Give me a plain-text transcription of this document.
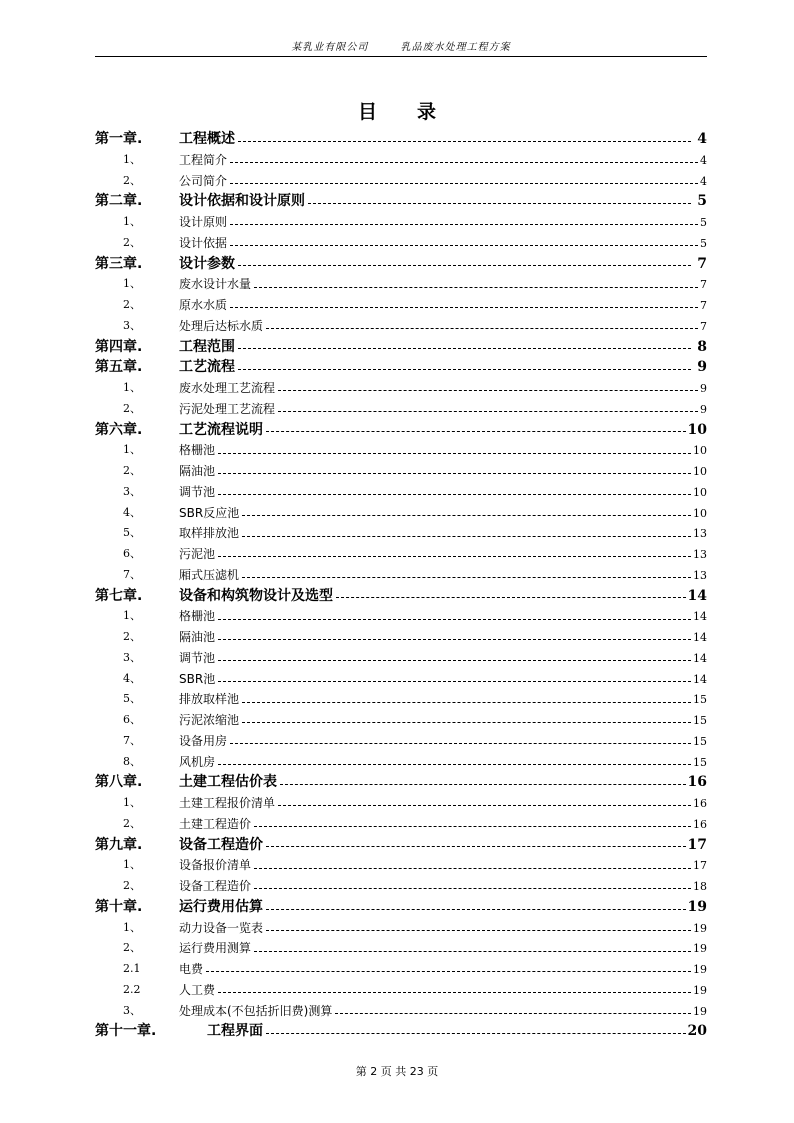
某乳业有限公司	乳品废水处理工程方案
目录
第一章.	工程概述	4
1、	工程简介	4
2、	公司简介	4
第二章.	设计依据和设计原则	5
1、	设计原则	5
2、	设计依据	5
第三章.	设计参数	7
1、	废水设计水量	7
2、	原水水质	7
3、	处理后达标水质	7
第四章.	工程范围	8
第五章.	工艺流程	9
1、	废水处理工艺流程	9
2、	污泥处理工艺流程	9
第六章.	工艺流程说明	10
1、	格栅池	10
2、	隔油池	10
3、	调节池	10
4、	SBR反应池	10
5、	取样排放池	13
6、	污泥池	13
7、	厢式压滤机	13
第七章.	设备和构筑物设计及选型	14
1、	格栅池	14
2、	隔油池	14
3、	调节池	14
4、	SBR池	14
5、	排放取样池	15
6、	污泥浓缩池	15
7、	设备用房	15
8、	风机房	15
第八章.	土建工程估价表	16
1、	土建工程报价清单	16
2、	土建工程造价	16
第九章.	设备工程造价	17
1、	设备报价清单	17
2、	设备工程造价	18
第十章.	运行费用估算	19
1、	动力设备一览表	19
2、	运行费用测算	19
2.1	电费	19
2.2	人工费	19
3、	处理成本(不包括折旧费)测算	19
第十一章.	工程界面	20
第 2 页 共 23 页
